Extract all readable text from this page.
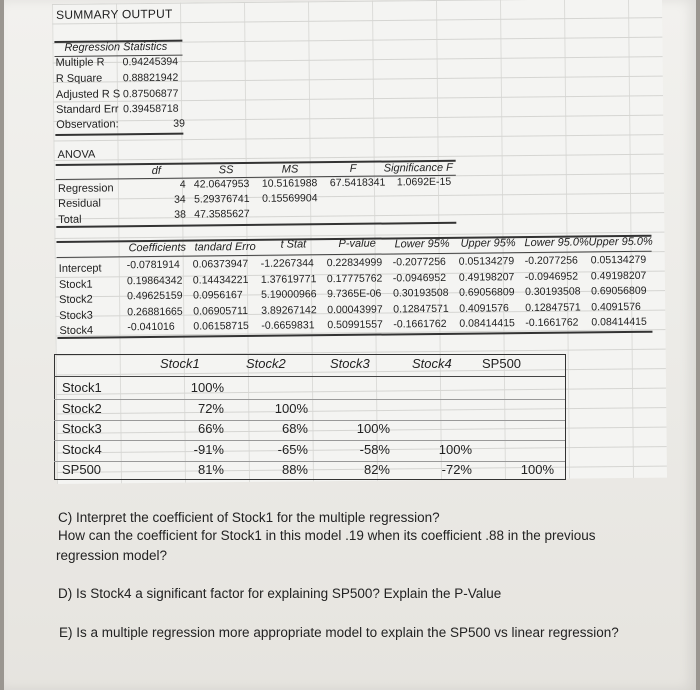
SUMMARY OUTPUT
Regression Statistics
Multiple R 0.94245394
R Square 0.88821942
Adjusted R S 0.87506877
Standard Err 0.39458718
Observation:	39
ANOVA
df	SS	MS	F Significance F
Regression	4 42.0647953 10.5161988 67.5418341 1.0692E-15
Residual	34 5.29376741 0.15569904
Total	38 47.3585627
Coefficients tandard Erro t Stat	P-value Lower 95% Upper 95% Lower 95.0% Upper 95.0%
Intercept -0.0781914 0.06373947 -1.2267344 0.22834999 -0.2077256 0.05134279 -0.2077256 0.05134279
Stock1	0.19864342 0.14434221 1.37619771 0.17775762 -0.0946952 0.49198207 -0.0946952 0.49198207
Stock2	0.49625159 0.0956167 5.19000966 9.7365E-06 0.30193508 0.69056809 0.30193508 0.69056809
Stock3	0.26881665 0.06905711 3.89267142 0.00043997 0.12847571 0.4091576 0.12847571 0.4091576
Stock4	-0.041016 0.06158715 -0.6659831 0.50991557 -0.1661762 0.08414415 -0.1661762 0.08414415
Stock1	Stock2	Stock3	Stock4 SP500
Stock1	100%
Stock2	72%	100%
Stock3	66%	68%	100%
Stock4	-91%	-65%	-58%	100%
SP500	81%	88%	82%	-72%	100%
C) Interpret the coefficient of Stock1 for the multiple regression?
How can the coefficient for Stock1 in this model .19 when its coefficient .88 in the previous
regression model?
D) Is Stock4 a significant factor for explaining SP500? Explain the P-Value
E) Is a multiple regression more appropriate model to explain the SP500 vs linear regression?
